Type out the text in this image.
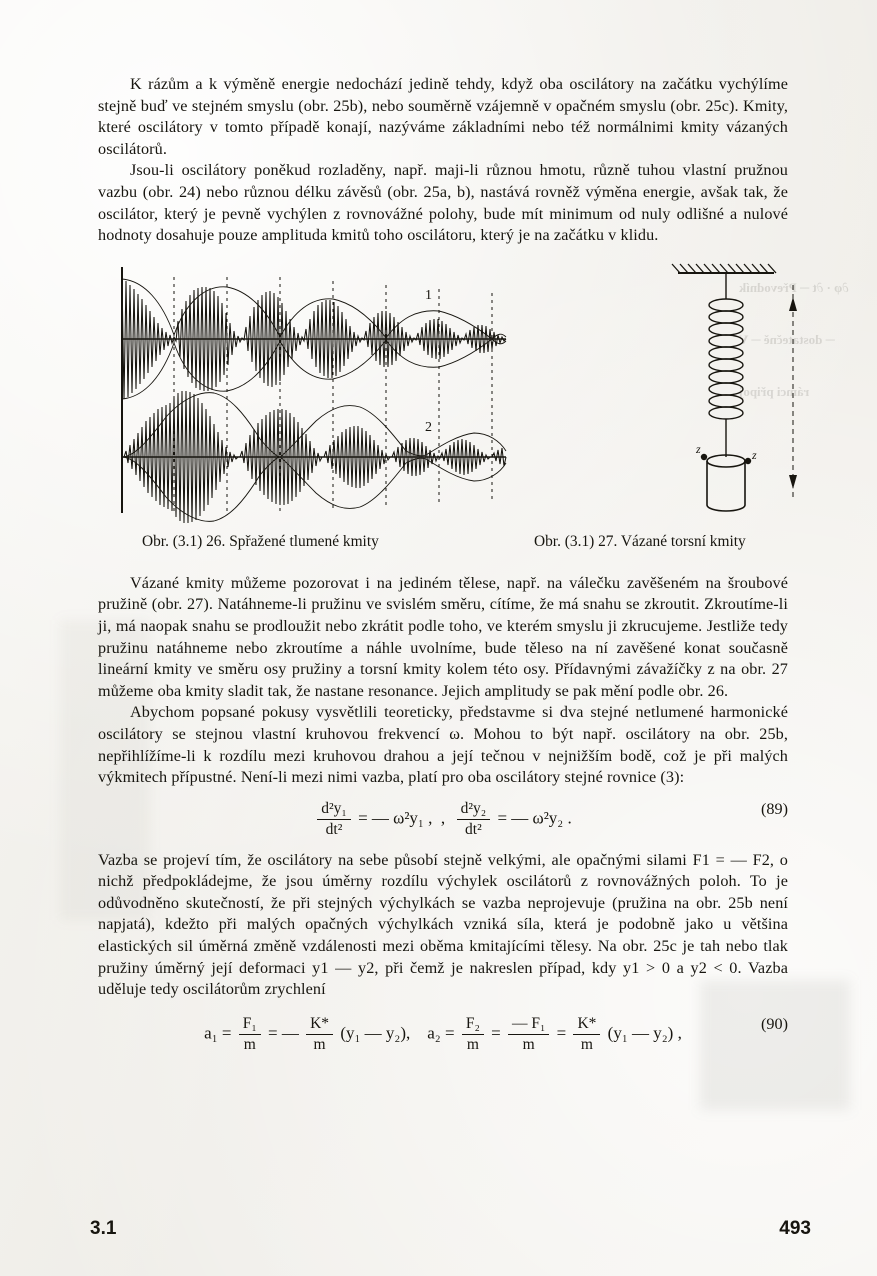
K rázům a k výměně energie nedochází jedině tehdy, když oba oscilátory na začátku vychýlíme stejně buď ve stejném smyslu (obr. 25b), nebo souměrně vzájemně v opačném smyslu (obr. 25c). Kmity, které oscilátory v tomto případě konají, nazýváme základními nebo též normálnimi kmity vázaných oscilátorů.

Jsou-li oscilátory poněkud rozladěny, např. maji-li různou hmotu, různě tuhou vlastní pružnou vazbu (obr. 24) nebo různou délku závěsů (obr. 25a, b), nastává rovněž výměna energie, avšak tak, že oscilátor, který je pevně vychýlen z rovnovážné polohy, bude mít minimum od nuly odlišné a nulové hodnoty dosahuje pouze amplituda kmitů toho oscilátoru, který je na začátku v klidu.

1
2
z	z
Obr. (3.1) 26. Spřažené tlumené kmity	Obr. (3.1) 27. Vázané torsní kmity

Vázané kmity můžeme pozorovat i na jediném tělese, např. na válečku zavěšeném na šroubové pružině (obr. 27). Natáhneme-li pružinu ve svislém směru, cítíme, že má snahu se zkroutit. Zkroutíme-li ji, má naopak snahu se prodloužit nebo zkrátit podle toho, ve kterém smyslu ji zkrucujeme. Jestliže tedy pružinu natáhneme nebo zkroutíme a náhle uvolníme, bude těleso na ní zavěšené konat současně lineární kmity ve směru osy pružiny a torsní kmity kolem této osy. Přídavnými závažíčky z na obr. 27 můžeme oba kmity sladit tak, že nastane resonance. Jejich amplitudy se pak mění podle obr. 26.

Abychom popsané pokusy vysvětlili teoreticky, představme si dva stejné netlumené harmonické oscilátory se stejnou vlastní kruhovou frekvencí ω. Mohou to být např. oscilátory na obr. 25b, nepřihlížíme-li k rozdílu mezi kruhovou drahou a její tečnou v nejnižším bodě, což je při malých výkmitech přípustné. Není-li mezi nimi vazba, platí pro oba oscilátory stejné rovnice (3):

$\frac{\text{d²y₁}}{\text{dt²}}$ = — ω²y₁ ,  , $\frac{\text{d²y₂}}{\text{dt²}}$ = — ω²y₂ .	(89)

Vazba se projeví tím, že oscilátory na sebe působí stejně velkými, ale opačnými silami F1 = — F2, o nichž předpokládejme, že jsou úměrny rozdílu výchylek oscilátorů z rovnovážných poloh. To je odůvodněno skutečností, že při stejných výchylkách se vazba neprojevuje (pružina na obr. 25b není napjatá), kdežto při malých opačných výchylkách vzniká síla, která je podobně jako u většina elastických sil úměrná změně vzdálenosti mezi oběma kmitajícími tělesy. Na obr. 25c je tah nebo tlak pružiny úměrný její deformaci y1 — y2, při čemž je nakreslen případ, kdy y1 > 0 a y2 < 0. Vazba uděluje tedy oscilátorům zrychlení

$a_1 = \frac{\text{F₁}}{m}$ = — $\frac{K*}{m} (y_1$ — y₂), $a_2 = \frac{\text{F₂}}{m} = \frac{\text{— F₁}}{m} = \frac{K*}{m} (y_1$ — y₂) ,	(90)
3.1	493
